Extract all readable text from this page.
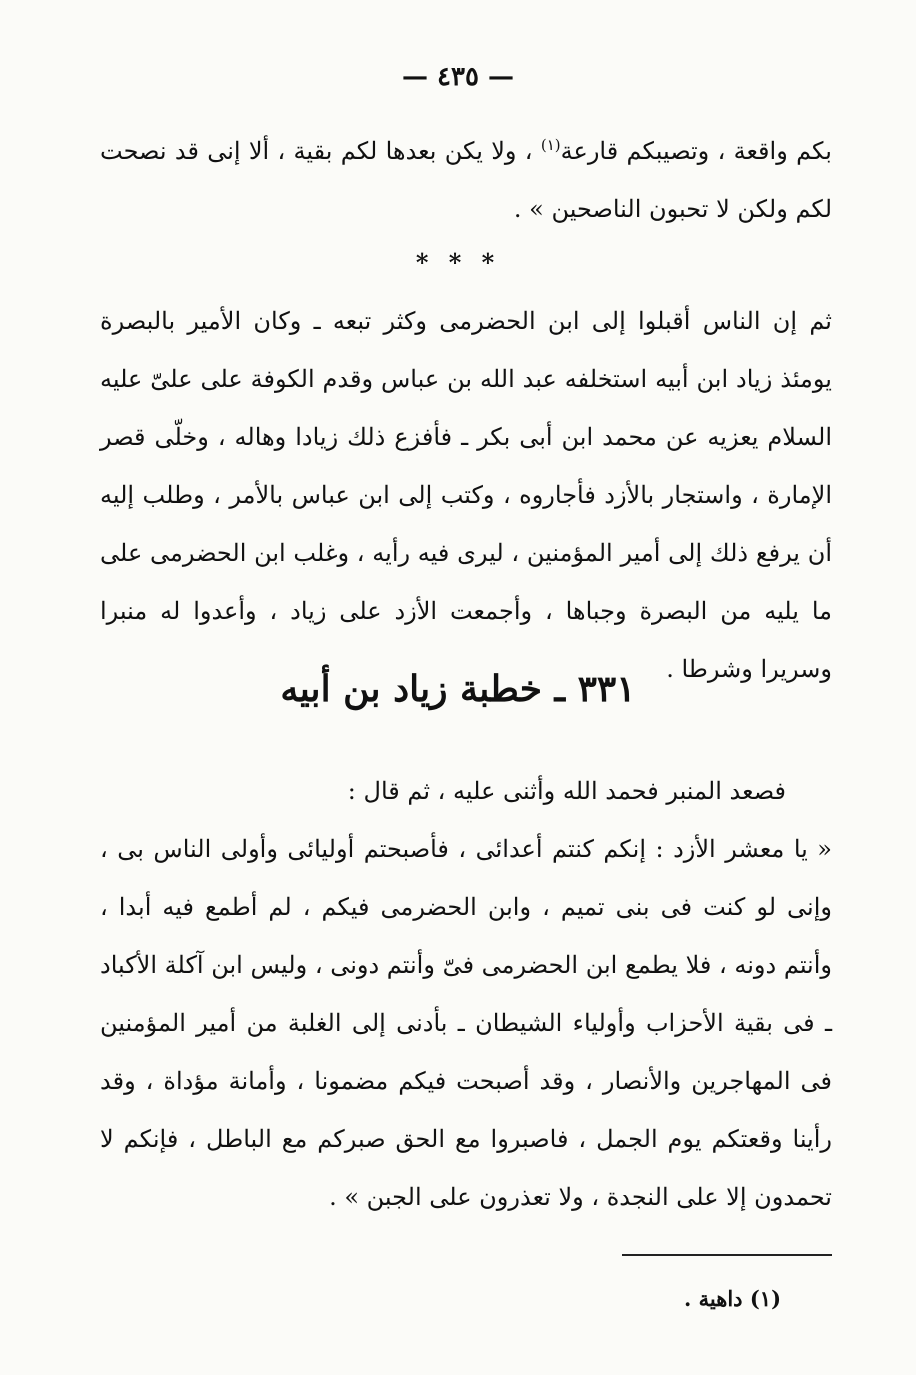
— ٤٣٥ —
بكم واقعة ، وتصيبكم قارعة$^{(١)}$ ، ولا يكن بعدها لكم بقية ، ألا إنى قد نصحت لكم ولكن لا تحبون الناصحين » .
* * *
ثم إن الناس أقبلوا إلى ابن الحضرمى وكثر تبعه ـ وكان الأمير بالبصرة يومئذ زياد ابن أبيه استخلفه عبد الله بن عباس وقدم الكوفة على علىّ عليه السلام يعزيه عن محمد ابن أبى بكر ـ فأفزع ذلك زيادا وهاله ، وخلّى قصر الإمارة ، واستجار بالأزد فأجاروه ، وكتب إلى ابن عباس بالأمر ، وطلب إليه أن يرفع ذلك إلى أمير المؤمنين ، ليرى فيه رأيه ، وغلب ابن الحضرمى على ما يليه من البصرة وجباها ، وأجمعت الأزد على زياد ، وأعدوا له منبرا وسريرا وشرطا .
٣٣١ ـ خطبة زياد بن أبيه
فصعد المنبر فحمد الله وأثنى عليه ، ثم قال :
« يا معشر الأزد : إنكم كنتم أعدائى ، فأصبحتم أوليائى وأولى الناس بى ، وإنى لو كنت فى بنى تميم ، وابن الحضرمى فيكم ، لم أطمع فيه أبدا ، وأنتم دونه ، فلا يطمع ابن الحضرمى فىّ وأنتم دونى ، وليس ابن آكلة الأكباد ـ فى بقية الأحزاب وأولياء الشيطان ـ بأدنى إلى الغلبة من أمير المؤمنين فى المهاجرين والأنصار ، وقد أصبحت فيكم مضمونا ، وأمانة مؤداة ، وقد رأينا وقعتكم يوم الجمل ، فاصبروا مع الحق صبركم مع الباطل ، فإنكم لا تحمدون إلا على النجدة ، ولا تعذرون على الجبن » .
(١) داهية .
